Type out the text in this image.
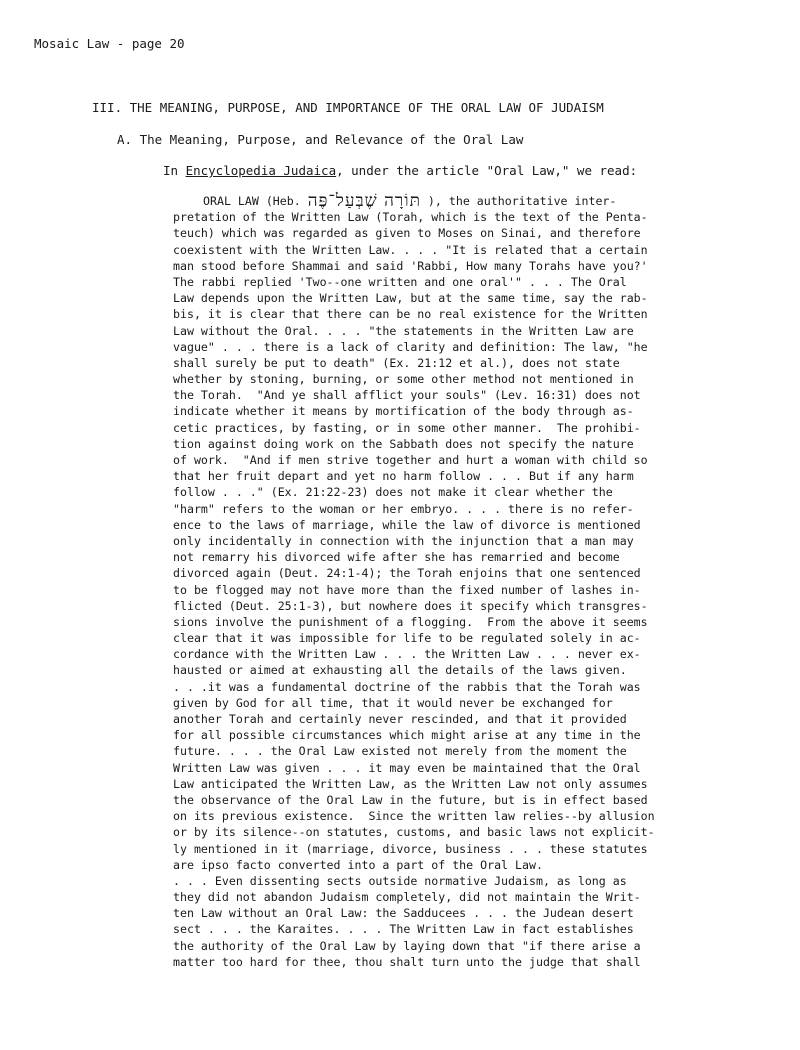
Mosaic Law - page 20
III. THE MEANING, PURPOSE, AND IMPORTANCE OF THE ORAL LAW OF JUDAISM
A. The Meaning, Purpose, and Relevance of the Oral Law
In Encyclopedia Judaica, under the article "Oral Law," we read:
ORAL LAW (Heb. תּוֹרָה שֶׁבְּעַל־פֶּה ), the authoritative inter-
pretation of the Written Law (Torah, which is the text of the Penta-
teuch) which was regarded as given to Moses on Sinai, and therefore
coexistent with the Written Law. . . . "It is related that a certain
man stood before Shammai and said 'Rabbi, How many Torahs have you?'
The rabbi replied 'Two--one written and one oral'" . . . The Oral
Law depends upon the Written Law, but at the same time, say the rab-
bis, it is clear that there can be no real existence for the Written
Law without the Oral. . . . "the statements in the Written Law are
vague" . . . there is a lack of clarity and definition: The law, "he
shall surely be put to death" (Ex. 21:12 et al.), does not state
whether by stoning, burning, or some other method not mentioned in
the Torah.  "And ye shall afflict your souls" (Lev. 16:31) does not
indicate whether it means by mortification of the body through as-
cetic practices, by fasting, or in some other manner.  The prohibi-
tion against doing work on the Sabbath does not specify the nature
of work.  "And if men strive together and hurt a woman with child so
that her fruit depart and yet no harm follow . . . But if any harm
follow . . ." (Ex. 21:22-23) does not make it clear whether the
"harm" refers to the woman or her embryo. . . . there is no refer-
ence to the laws of marriage, while the law of divorce is mentioned
only incidentally in connection with the injunction that a man may
not remarry his divorced wife after she has remarried and become
divorced again (Deut. 24:1-4); the Torah enjoins that one sentenced
to be flogged may not have more than the fixed number of lashes in-
flicted (Deut. 25:1-3), but nowhere does it specify which transgres-
sions involve the punishment of a flogging.  From the above it seems
clear that it was impossible for life to be regulated solely in ac-
cordance with the Written Law . . . the Written Law . . . never ex-
hausted or aimed at exhausting all the details of the laws given.
. . .it was a fundamental doctrine of the rabbis that the Torah was
given by God for all time, that it would never be exchanged for
another Torah and certainly never rescinded, and that it provided
for all possible circumstances which might arise at any time in the
future. . . . the Oral Law existed not merely from the moment the
Written Law was given . . . it may even be maintained that the Oral
Law anticipated the Written Law, as the Written Law not only assumes
the observance of the Oral Law in the future, but is in effect based
on its previous existence.  Since the written law relies--by allusion
or by its silence--on statutes, customs, and basic laws not explicit-
ly mentioned in it (marriage, divorce, business . . . these statutes
are ipso facto converted into a part of the Oral Law.
. . . Even dissenting sects outside normative Judaism, as long as
they did not abandon Judaism completely, did not maintain the Writ-
ten Law without an Oral Law: the Sadducees . . . the Judean desert
sect . . . the Karaites. . . . The Written Law in fact establishes
the authority of the Oral Law by laying down that "if there arise a
matter too hard for thee, thou shalt turn unto the judge that shall
